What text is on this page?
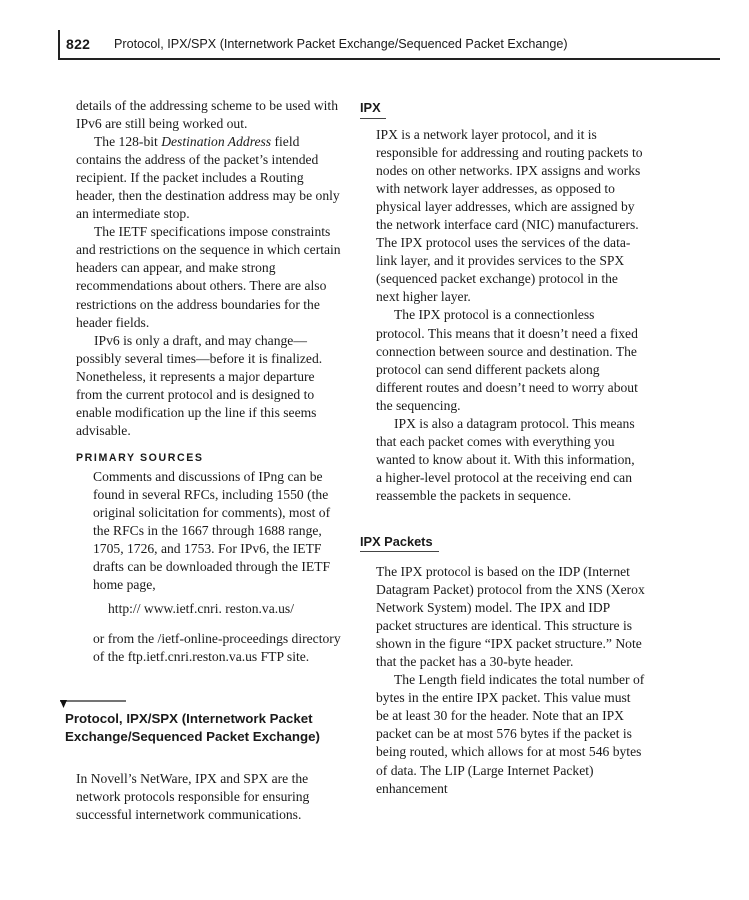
822 Protocol, IPX/SPX (Internetwork Packet Exchange/Sequenced Packet Exchange)

details of the addressing scheme to be used with IPv6 are still being worked out.

The 128-bit Destination Address field contains the address of the packet’s intended recipient. If the packet includes a Routing header, then the destination address may be only an intermediate stop.

The IETF specifications impose constraints and restrictions on the sequence in which certain headers can appear, and make strong recommendations about others. There are also restrictions on the address boundaries for the header fields.

IPv6 is only a draft, and may change—possibly several times—before it is finalized. Nonetheless, it represents a major departure from the current protocol and is designed to enable modification up the line if this seems advisable.

PRIMARY SOURCES

Comments and discussions of IPng can be found in several RFCs, including 1550 (the original solicitation for comments), most of the RFCs in the 1667 through 1688 range, 1705, 1726, and 1753. For IPv6, the IETF drafts can be downloaded through the IETF home page,

http:// www.ietf.cnri. reston.va.us/

or from the /ietf-online-proceedings directory of the ftp.ietf.cnri.reston.va.us FTP site.

Protocol, IPX/SPX (Internetwork Packet Exchange/Sequenced Packet Exchange)

In Novell’s NetWare, IPX and SPX are the network protocols responsible for ensuring successful internetwork communications.

IPX

IPX is a network layer protocol, and it is responsible for addressing and routing packets to nodes on other networks. IPX assigns and works with network layer addresses, as opposed to physical layer addresses, which are assigned by the network interface card (NIC) manufacturers. The IPX protocol uses the services of the data-link layer, and it provides services to the SPX (sequenced packet exchange) protocol in the next higher layer.

The IPX protocol is a connectionless protocol. This means that it doesn’t need a fixed connection between source and destination. The protocol can send different packets along different routes and doesn’t need to worry about the sequencing.

IPX is also a datagram protocol. This means that each packet comes with everything you wanted to know about it. With this information, a higher-level protocol at the receiving end can reassemble the packets in sequence.

IPX Packets

The IPX protocol is based on the IDP (Internet Datagram Packet) protocol from the XNS (Xerox Network System) model. The IPX and IDP packet structures are identical. This structure is shown in the figure “IPX packet structure.” Note that the packet has a 30-byte header.

The Length field indicates the total number of bytes in the entire IPX packet. This value must be at least 30 for the header. Note that an IPX packet can be at most 576 bytes if the packet is being routed, which allows for at most 546 bytes of data. The LIP (Large Internet Packet) enhancement
